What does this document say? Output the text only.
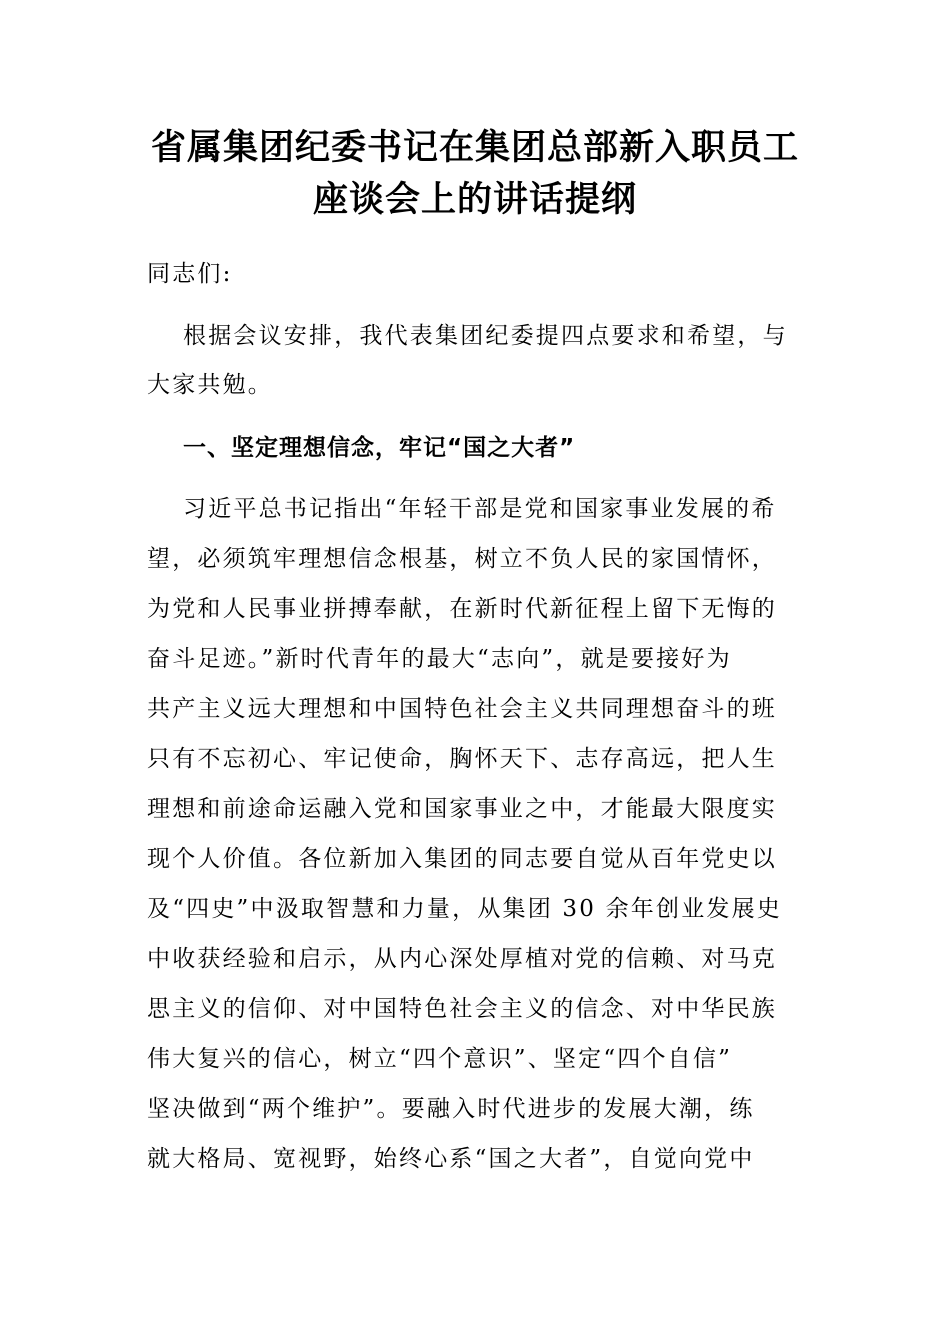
省属集团纪委书记在集团总部新入职员工
座谈会上的讲话提纲

同志们:

根据会议安排，我代表集团纪委提四点要求和希望，与

大家共勉。

一、坚定理想信念，牢记“国之大者”

习近平总书记指出“年轻干部是党和国家事业发展的希

望，必须筑牢理想信念根基，树立不负人民的家国情怀，

为党和人民事业拼搏奉献，在新时代新征程上留下无悔的

奋斗足迹。”新时代青年的最大“志向”，就是要接好为

共产主义远大理想和中国特色社会主义共同理想奋斗的班

只有不忘初心、牢记使命，胸怀天下、志存高远，把人生

理想和前途命运融入党和国家事业之中，才能最大限度实

现个人价值。各位新加入集团的同志要自觉从百年党史以

及“四史”中汲取智慧和力量，从集团 30 余年创业发展史

中收获经验和启示，从内心深处厚植对党的信赖、对马克

思主义的信仰、对中国特色社会主义的信念、对中华民族

伟大复兴的信心，树立“四个意识”、坚定“四个自信”

坚决做到“两个维护”。要融入时代进步的发展大潮，练

就大格局、宽视野，始终心系“国之大者”，自觉向党中
